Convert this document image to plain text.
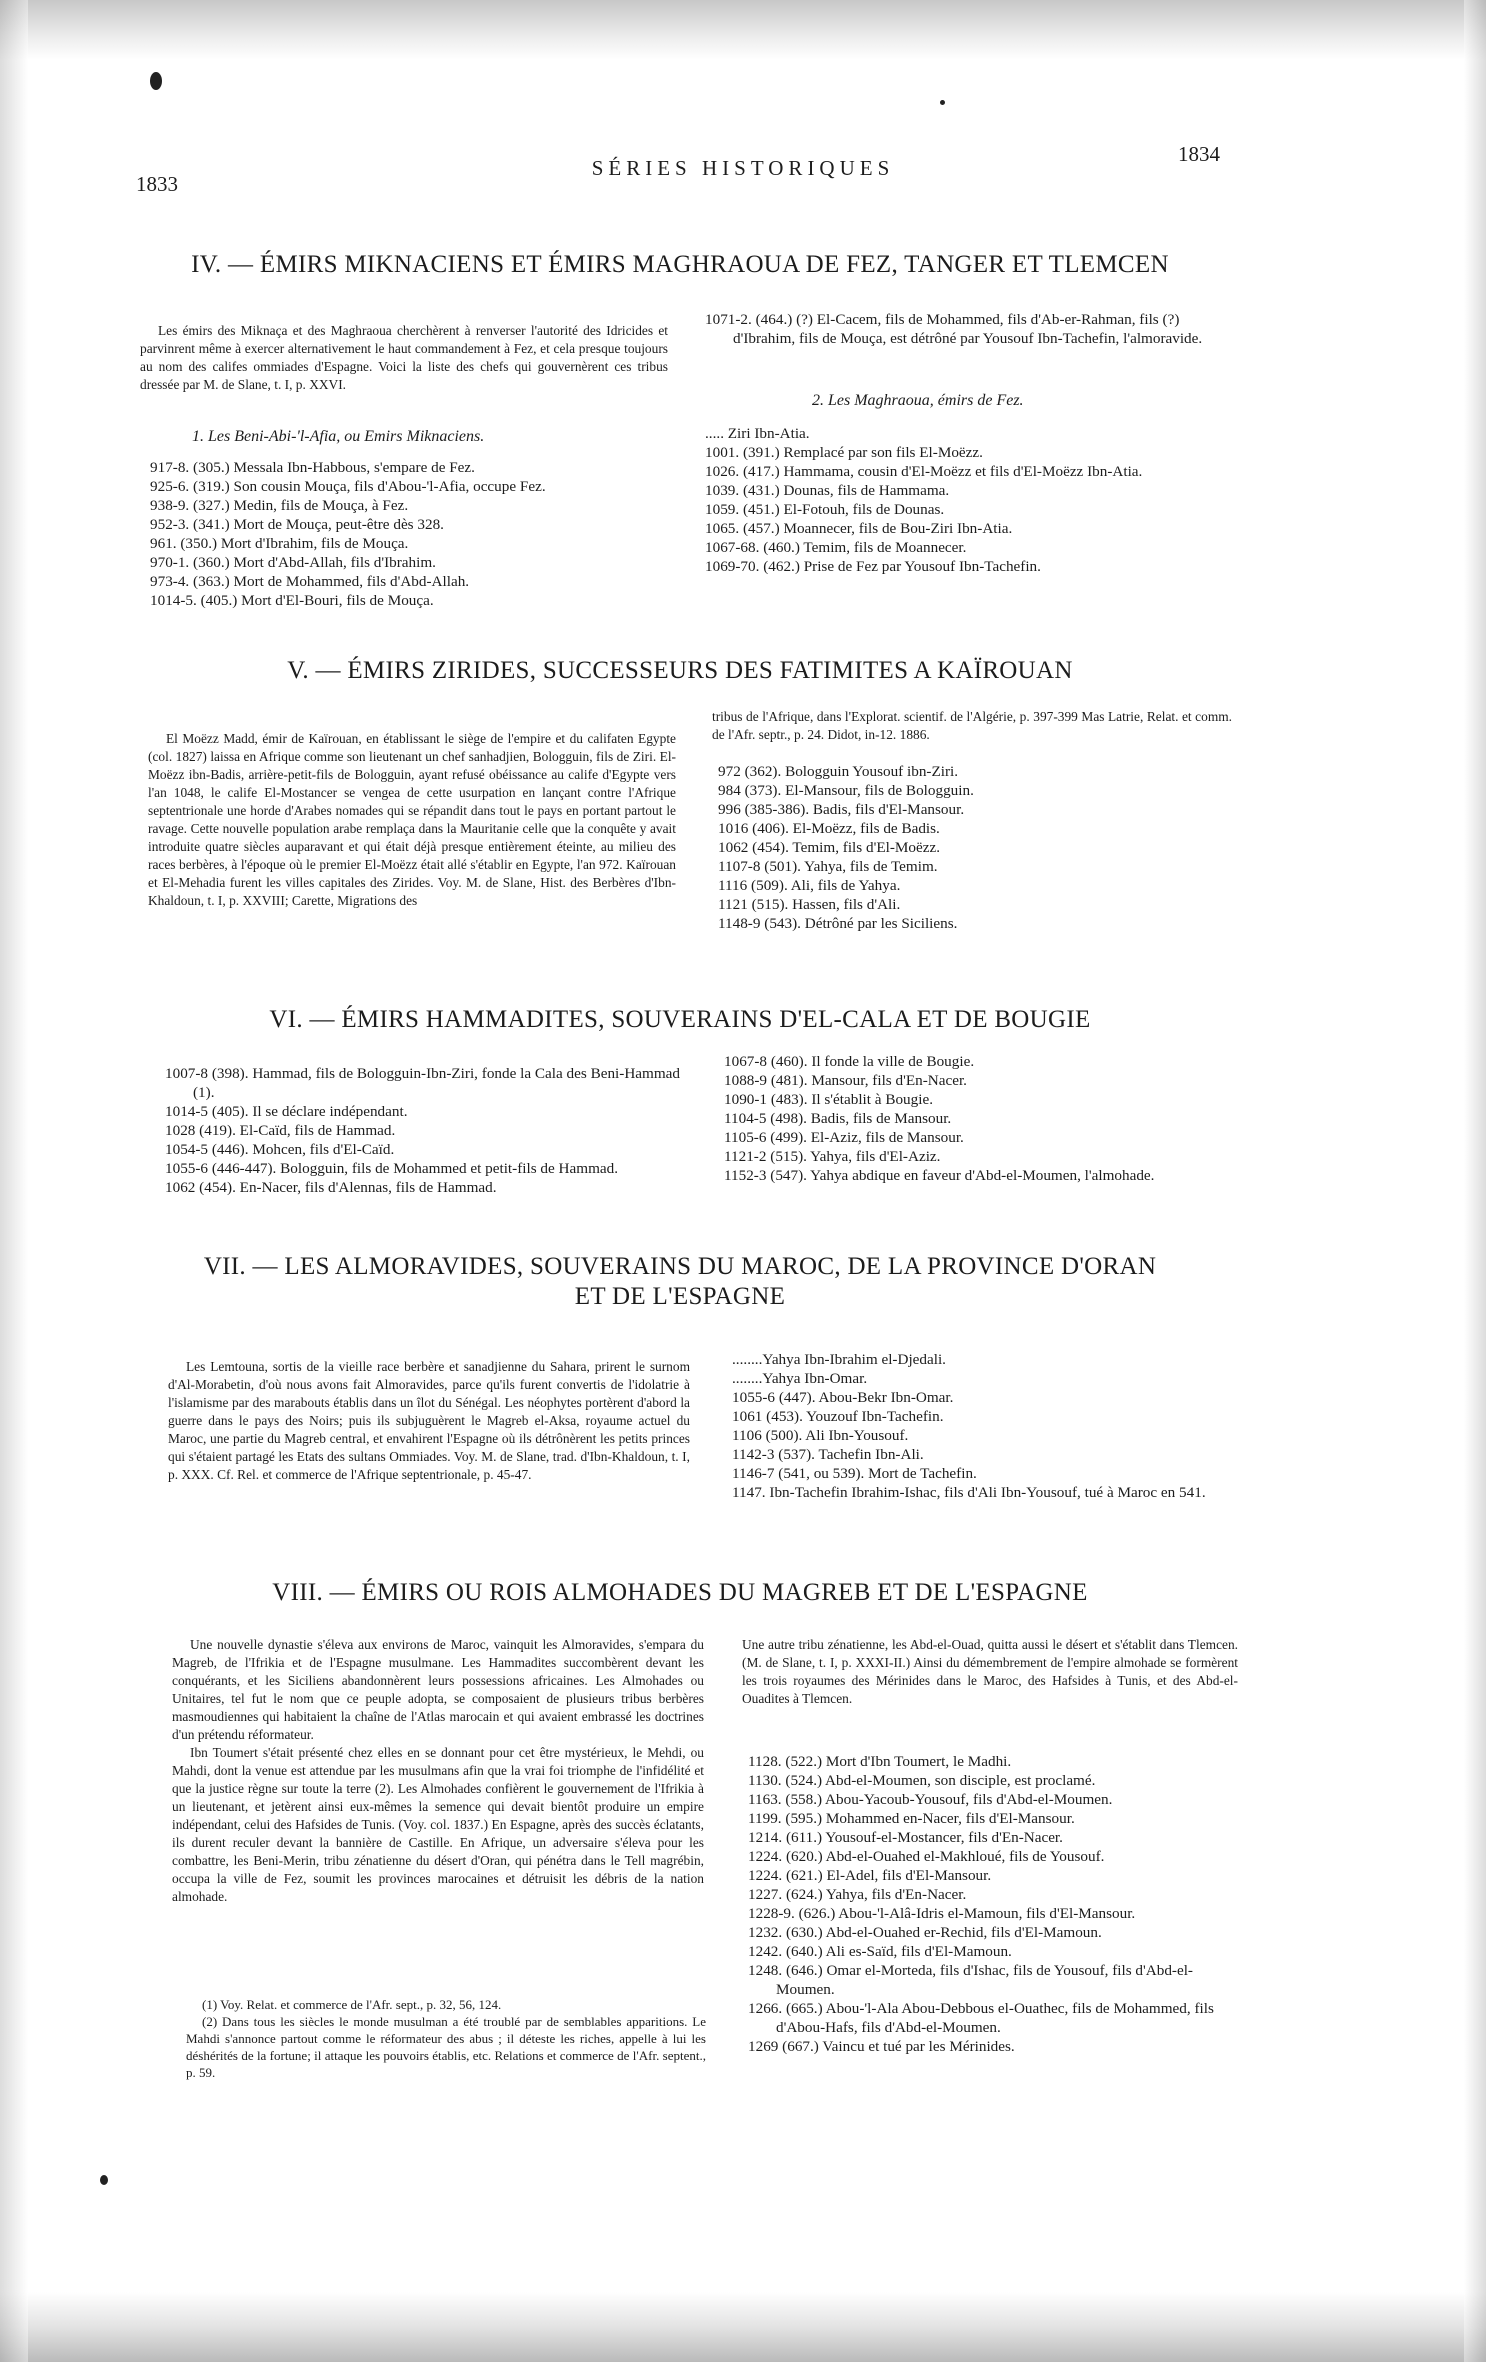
1833
SÉRIES HISTORIQUES
1834
IV. — ÉMIRS MIKNACIENS ET ÉMIRS MAGHRAOUA DE FEZ, TANGER ET TLEMCEN

Les émirs des Miknaça et des Maghraoua cherchèrent à renverser l'autorité des Idricides et parvinrent même à exercer alternativement le haut commandement à Fez, et cela presque toujours au nom des califes ommiades d'Espagne. Voici la liste des chefs qui gouvernèrent ces tribus dressée par M. de Slane, t. I, p. XXVI.

1. Les Beni-Abi-'l-Afia, ou Emirs Miknaciens.

917-8. (305.) Messala Ibn-Habbous, s'empare de Fez.

925-6. (319.) Son cousin Mouça, fils d'Abou-'l-Afia, occupe Fez.

938-9. (327.) Medin, fils de Mouça, à Fez.

952-3. (341.) Mort de Mouça, peut-être dès 328.

961. (350.) Mort d'Ibrahim, fils de Mouça.

970-1. (360.) Mort d'Abd-Allah, fils d'Ibrahim.

973-4. (363.) Mort de Mohammed, fils d'Abd-Allah.

1014-5. (405.) Mort d'El-Bouri, fils de Mouça.

1071-2. (464.) (?) El-Cacem, fils de Mohammed, fils d'Ab-er-Rahman, fils (?) d'Ibrahim, fils de Mouça, est détrôné par Yousouf Ibn-Tachefin, l'almoravide.

2. Les Maghraoua, émirs de Fez.

..... Ziri Ibn-Atia.

1001. (391.) Remplacé par son fils El-Moëzz.

1026. (417.) Hammama, cousin d'El-Moëzz et fils d'El-Moëzz Ibn-Atia.

1039. (431.) Dounas, fils de Hammama.

1059. (451.) El-Fotouh, fils de Dounas.

1065. (457.) Moannecer, fils de Bou-Ziri Ibn-Atia.

1067-68. (460.) Temim, fils de Moannecer.

1069-70. (462.) Prise de Fez par Yousouf Ibn-Tachefin.

V. — ÉMIRS ZIRIDES, SUCCESSEURS DES FATIMITES A KAÏROUAN

El Moëzz Madd, émir de Kaïrouan, en établissant le siège de l'empire et du califaten Egypte (col. 1827) laissa en Afrique comme son lieutenant un chef sanhadjien, Bologguin, fils de Ziri. El-Moëzz ibn-Badis, arrière-petit-fils de Bologguin, ayant refusé obéissance au calife d'Egypte vers l'an 1048, le calife El-Mostancer se vengea de cette usurpation en lançant contre l'Afrique septentrionale une horde d'Arabes nomades qui se répandit dans tout le pays en portant partout le ravage. Cette nouvelle population arabe remplaça dans la Mauritanie celle que la conquête y avait introduite quatre siècles auparavant et qui était déjà presque entièrement éteinte, au milieu des races berbères, à l'époque où le premier El-Moëzz était allé s'établir en Egypte, l'an 972. Kaïrouan et El-Mehadia furent les villes capitales des Zirides. Voy. M. de Slane, Hist. des Berbères d'Ibn-Khaldoun, t. I, p. XXVIII; Carette, Migrations des

tribus de l'Afrique, dans l'Explorat. scientif. de l'Algérie, p. 397-399 Mas Latrie, Relat. et comm. de l'Afr. septr., p. 24. Didot, in-12. 1886.

972 (362). Bologguin Yousouf ibn-Ziri.

984 (373). El-Mansour, fils de Bologguin.

996 (385-386). Badis, fils d'El-Mansour.

1016 (406). El-Moëzz, fils de Badis.

1062 (454). Temim, fils d'El-Moëzz.

1107-8 (501). Yahya, fils de Temim.

1116 (509). Ali, fils de Yahya.

1121 (515). Hassen, fils d'Ali.

1148-9 (543). Détrôné par les Siciliens.

VI. — ÉMIRS HAMMADITES, SOUVERAINS D'EL-CALA ET DE BOUGIE

1007-8 (398). Hammad, fils de Bologguin-Ibn-Ziri, fonde la Cala des Beni-Hammad (1).

1014-5 (405). Il se déclare indépendant.

1028 (419). El-Caïd, fils de Hammad.

1054-5 (446). Mohcen, fils d'El-Caïd.

1055-6 (446-447). Bologguin, fils de Mohammed et petit-fils de Hammad.

1062 (454). En-Nacer, fils d'Alennas, fils de Hammad.

1067-8 (460). Il fonde la ville de Bougie.

1088-9 (481). Mansour, fils d'En-Nacer.

1090-1 (483). Il s'établit à Bougie.

1104-5 (498). Badis, fils de Mansour.

1105-6 (499). El-Aziz, fils de Mansour.

1121-2 (515). Yahya, fils d'El-Aziz.

1152-3 (547). Yahya abdique en faveur d'Abd-el-Moumen, l'almohade.

VII. — LES ALMORAVIDES, SOUVERAINS DU MAROC, DE LA PROVINCE D'ORAN
ET DE L'ESPAGNE

Les Lemtouna, sortis de la vieille race berbère et sanadjienne du Sahara, prirent le surnom d'Al-Morabetin, d'où nous avons fait Almoravides, parce qu'ils furent convertis de l'idolatrie à l'islamisme par des marabouts établis dans un îlot du Sénégal. Les néophytes portèrent d'abord la guerre dans le pays des Noirs; puis ils subjuguèrent le Magreb el-Aksa, royaume actuel du Maroc, une partie du Magreb central, et envahirent l'Espagne où ils détrônèrent les petits princes qui s'étaient partagé les Etats des sultans Ommiades. Voy. M. de Slane, trad. d'Ibn-Khaldoun, t. I, p. XXX. Cf. Rel. et commerce de l'Afrique septentrionale, p. 45-47.

........Yahya Ibn-Ibrahim el-Djedali.

........Yahya Ibn-Omar.

1055-6 (447). Abou-Bekr Ibn-Omar.

1061 (453). Youzouf Ibn-Tachefin.

1106 (500). Ali Ibn-Yousouf.

1142-3 (537). Tachefin Ibn-Ali.

1146-7 (541, ou 539). Mort de Tachefin.

1147. Ibn-Tachefin Ibrahim-Ishac, fils d'Ali Ibn-Yousouf, tué à Maroc en 541.

VIII. — ÉMIRS OU ROIS ALMOHADES DU MAGREB ET DE L'ESPAGNE

Une nouvelle dynastie s'éleva aux environs de Maroc, vainquit les Almoravides, s'empara du Magreb, de l'Ifrikia et de l'Espagne musulmane. Les Hammadites succombèrent devant les conquérants, et les Siciliens abandonnèrent leurs possessions africaines. Les Almohades ou Unitaires, tel fut le nom que ce peuple adopta, se composaient de plusieurs tribus berbères masmoudiennes qui habitaient la chaîne de l'Atlas marocain et qui avaient embrassé les doctrines d'un prétendu réformateur.

Ibn Toumert s'était présenté chez elles en se donnant pour cet être mystérieux, le Mehdi, ou Mahdi, dont la venue est attendue par les musulmans afin que la vrai foi triomphe de l'infidélité et que la justice règne sur toute la terre (2). Les Almohades confièrent le gouvernement de l'Ifrikia à un lieutenant, et jetèrent ainsi eux-mêmes la semence qui devait bientôt produire un empire indépendant, celui des Hafsides de Tunis. (Voy. col. 1837.) En Espagne, après des succès éclatants, ils durent reculer devant la bannière de Castille. En Afrique, un adversaire s'éleva pour les combattre, les Beni-Merin, tribu zénatienne du désert d'Oran, qui pénétra dans le Tell magrébin, occupa la ville de Fez, soumit les provinces marocaines et détruisit les débris de la nation almohade.

Une autre tribu zénatienne, les Abd-el-Ouad, quitta aussi le désert et s'établit dans Tlemcen. (M. de Slane, t. I, p. XXXI-II.) Ainsi du démembrement de l'empire almohade se formèrent les trois royaumes des Mérinides dans le Maroc, des Hafsides à Tunis, et des Abd-el-Ouadites à Tlemcen.

(1) Voy. Relat. et commerce de l'Afr. sept., p. 32, 56, 124.

(2) Dans tous les siècles le monde musulman a été troublé par de semblables apparitions. Le Mahdi s'annonce partout comme le réformateur des abus ; il déteste les riches, appelle à lui les déshérités de la fortune; il attaque les pouvoirs établis, etc. Relations et commerce de l'Afr. septent., p. 59.

1128. (522.) Mort d'Ibn Toumert, le Madhi.

1130. (524.) Abd-el-Moumen, son disciple, est proclamé.

1163. (558.) Abou-Yacoub-Yousouf, fils d'Abd-el-Moumen.

1199. (595.) Mohammed en-Nacer, fils d'El-Mansour.

1214. (611.) Yousouf-el-Mostancer, fils d'En-Nacer.

1224. (620.) Abd-el-Ouahed el-Makhloué, fils de Yousouf.

1224. (621.) El-Adel, fils d'El-Mansour.

1227. (624.) Yahya, fils d'En-Nacer.

1228-9. (626.) Abou-'l-Alâ-Idris el-Mamoun, fils d'El-Mansour.

1232. (630.) Abd-el-Ouahed er-Rechid, fils d'El-Mamoun.

1242. (640.) Ali es-Saïd, fils d'El-Mamoun.

1248. (646.) Omar el-Morteda, fils d'Ishac, fils de Yousouf, fils d'Abd-el-Moumen.

1266. (665.) Abou-'l-Ala Abou-Debbous el-Ouathec, fils de Mohammed, fils d'Abou-Hafs, fils d'Abd-el-Moumen.

1269 (667.) Vaincu et tué par les Mérinides.
